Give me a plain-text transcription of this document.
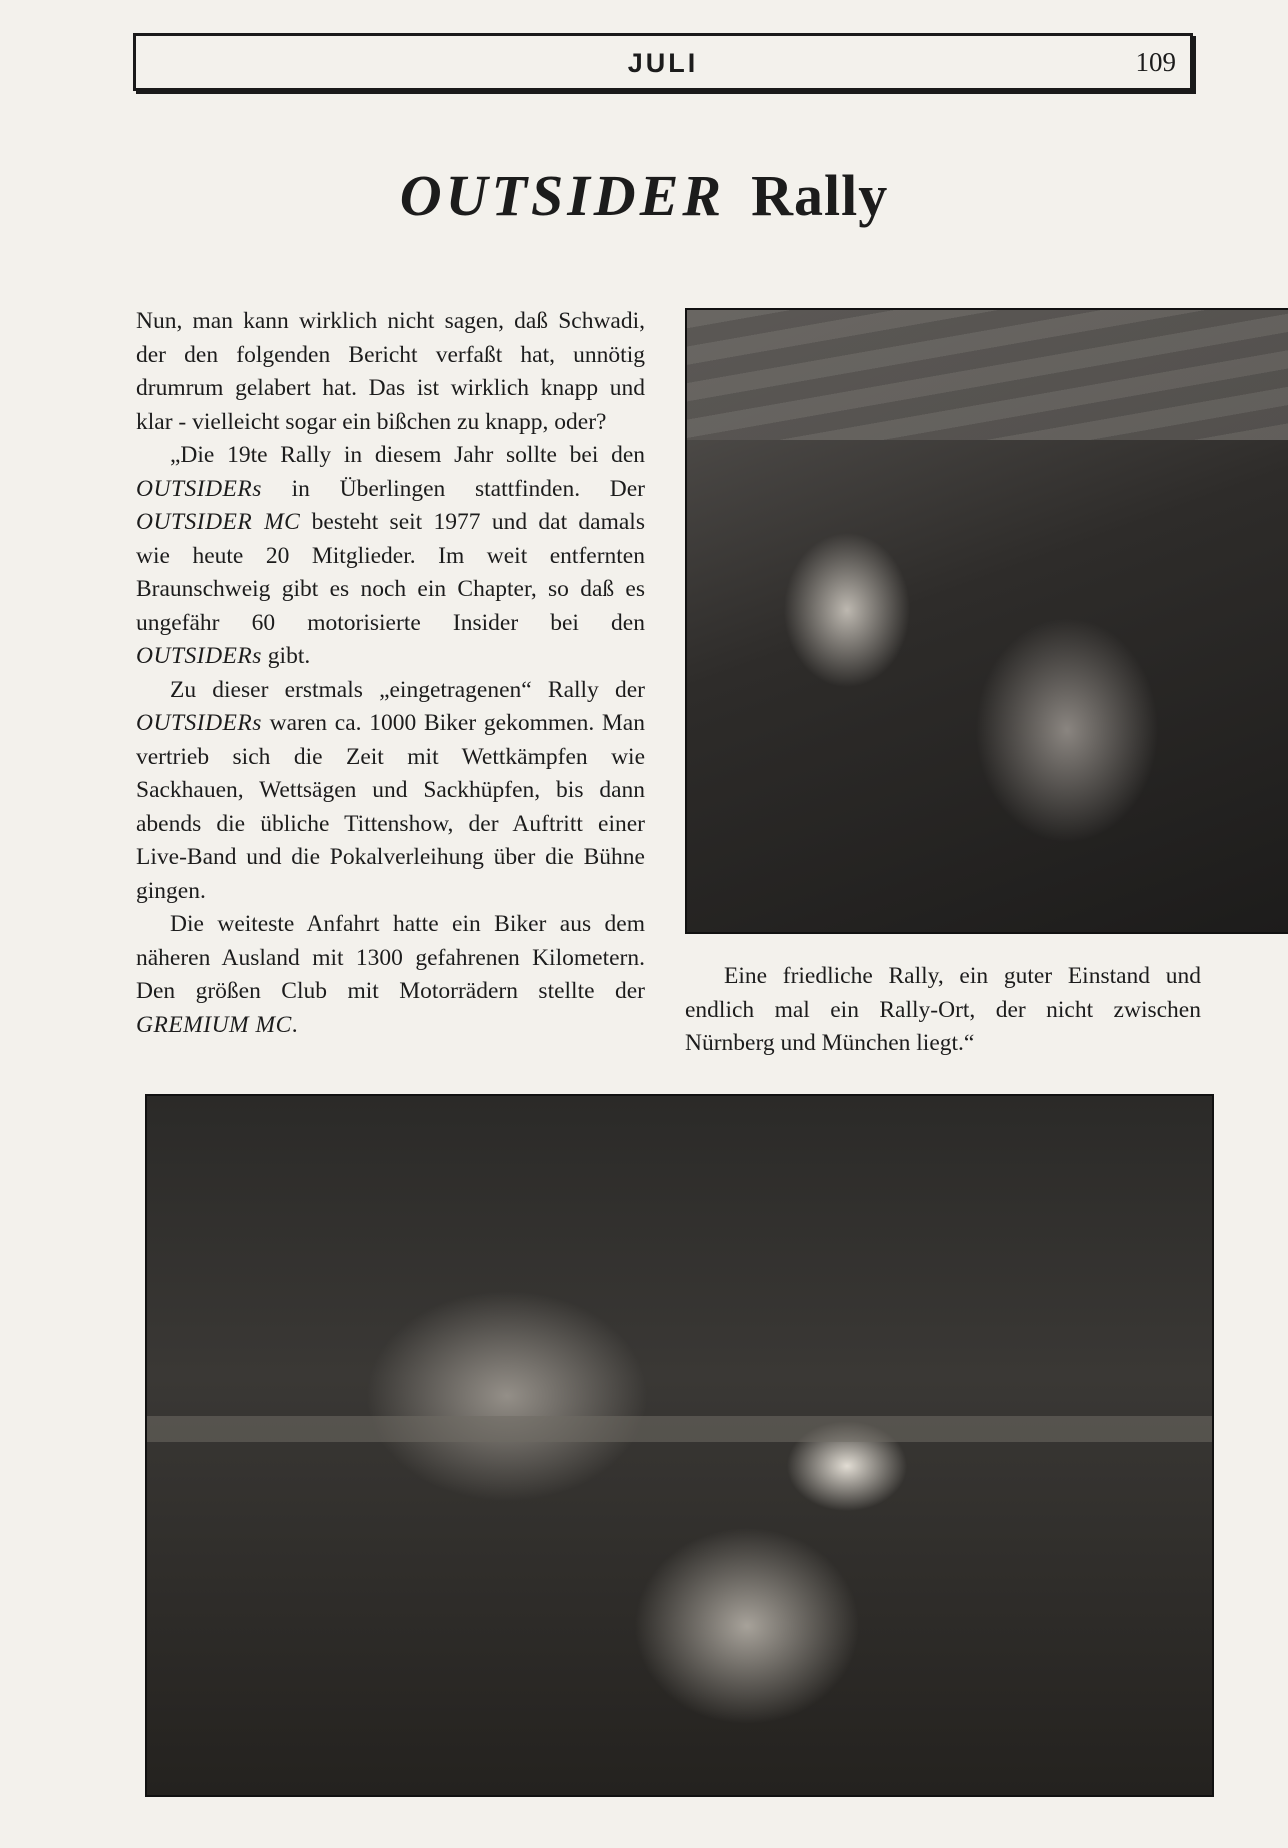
JULI	109
OUTSIDER Rally

Nun, man kann wirklich nicht sagen, daß Schwadi, der den folgenden Bericht verfaßt hat, unnötig drumrum gelabert hat. Das ist wirklich knapp und klar - vielleicht sogar ein bißchen zu knapp, oder?

„Die 19te Rally in diesem Jahr sollte bei den OUTSIDERs in Überlingen stattfinden. Der OUTSIDER MC besteht seit 1977 und dat damals wie heute 20 Mitglieder. Im weit entfernten Braunschweig gibt es noch ein Chapter, so daß es ungefähr 60 motorisierte Insider bei den OUTSIDERs gibt.

Zu dieser erstmals „eingetragenen“ Rally der OUTSIDERs waren ca. 1000 Biker gekommen. Man vertrieb sich die Zeit mit Wettkämpfen wie Sackhauen, Wettsägen und Sackhüpfen, bis dann abends die übliche Tittenshow, der Auftritt einer Live-Band und die Pokalverleihung über die Bühne gingen.

Die weiteste Anfahrt hatte ein Biker aus dem näheren Ausland mit 1300 gefahrenen Kilometern. Den größen Club mit Motorrädern stellte der GREMIUM MC.

Eine friedliche Rally, ein guter Einstand und endlich mal ein Rally-Ort, der nicht zwischen Nürnberg und München liegt.“
